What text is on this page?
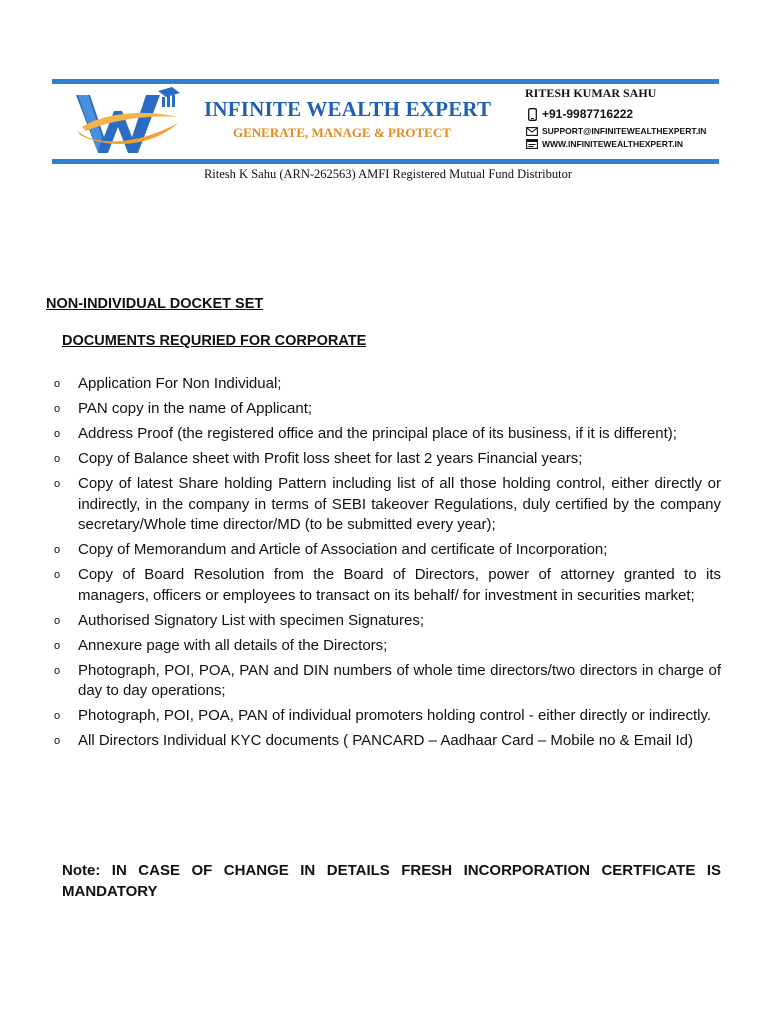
INFINITE WEALTH EXPERT
GENERATE, MANAGE & PROTECT
RITESH KUMAR SAHU
+91-9987716222
SUPPORT@INFINITEWEALTHEXPERT.IN
WWW.INFINITEWEALTHEXPERT.IN
Ritesh K Sahu (ARN-262563) AMFI Registered Mutual Fund Distributor
NON-INDIVIDUAL DOCKET SET
DOCUMENTS REQURIED FOR CORPORATE
o Application For Non Individual;
o PAN copy in the name of Applicant;
o Address Proof (the registered office and the principal place of its business, if it is different);
o Copy of Balance sheet with Profit loss sheet for last 2 years Financial years;
o Copy of latest Share holding Pattern including list of all those holding control, either directly or indirectly, in the company in terms of SEBI takeover Regulations, duly certified by the company secretary/Whole time director/MD (to be submitted every year);
o Copy of Memorandum and Article of Association and certificate of Incorporation;
o Copy of Board Resolution from the Board of Directors, power of attorney granted to its managers, officers or employees to transact on its behalf/ for investment in securities market;
o Authorised Signatory List with specimen Signatures;
o Annexure page with all details of the Directors;
o Photograph, POI, POA, PAN and DIN numbers of whole time directors/two directors in charge of day to day operations;
o Photograph, POI, POA, PAN of individual promoters holding control - either directly or indirectly.
o All Directors Individual KYC documents ( PANCARD – Aadhaar Card – Mobile no & Email Id)
Note: IN CASE OF CHANGE IN DETAILS FRESH INCORPORATION CERTFICATE IS MANDATORY
